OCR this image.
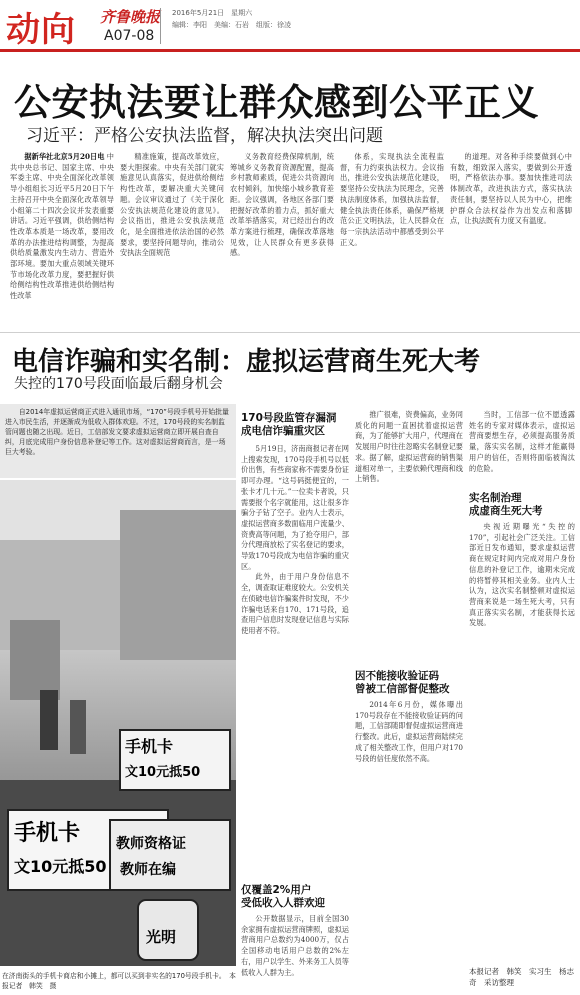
动向 齐鲁晚报
A07-08
2016年5月21日　星期六
编辑：李阳　美编：石岩　组版：徐凌
公安执法要让群众感到公平正义
习近平：严格公安执法监督，解决执法突出问题
据新华社北京5月20日电 中共中央总书记、国家主席、中央军委主席、中央全面深化改革领导小组组长习近平5月20日下午主持召开中央全面深化改革领导小组第二十四次会议并发表重要讲话。习近平强调，供给侧结构性改革本质是一场改革，要用改革的办法推进结构调整，为提高供给质量激发内生动力、营造外部环境。要加大重点领域关键环节市场化改革力度，要把握好供给侧结构性改革推进供给侧结构性改革
精准施策，提高改革效应，要大胆探索。中央有关部门就实施意见认真落实，促进供给侧结构性改革，要解决重大关键问题。会议审议通过了《关于深化公安执法规范化建设的意见》。会议指出，推进公安执法规范化，是全面推进依法治国的必然要求，要坚持问题导向，推动公安执法全面规范
义务教育经费保障机制，统筹城乡义务教育资源配置，提高乡村教师素质，促进公共资源向农村倾斜，加快缩小城乡教育差距。会议强调，各地区各部门要把握好改革的着力点，抓好重大改革举措落实，对已经出台的改革方案进行梳理，确保改革落地见效，让人民群众有更多获得感。
体系，实现执法全流程监督，有力约束执法权力。会议指出，推进公安执法规范化建设，要坚持公安执法为民理念，完善执法制度体系，加强执法监督，健全执法责任体系，确保严格规范公正文明执法，让人民群众在每一宗执法活动中都感受到公平正义。
的道理。对各种手续要做到心中有数，细致深入落实，要做到公开透明，严格依法办事。要加快推进司法体制改革，改进执法方式，落实执法责任制，要坚持以人民为中心，把维护群众合法权益作为出发点和落脚点，让执法既有力度又有温度。
电信诈骗和实名制：虚拟运营商生死大考
失控的170号段面临最后翻身机会
自2014年虚拟运营商正式进入通讯市场，“170”号段手机号开始批量进入市民生活，并逐渐成为低收入群体欢迎。不过，170号段的实名制监管问题也随之出现。近日，工信部发文要求虚拟运营商立即开展自查自纠，月底完成用户身份信息补登记等工作。这对虚拟运营商而言，是一场巨大考验。
手机卡
文10元抵50
手机卡
文10元抵50
教师资格证
教师在编
光明
在济南街头的手机卡商店和小摊上，都可以买到非实名的170号段手机卡。　本报记者　韩笑　摄
170号段监管存漏洞
成电信诈骗重灾区
5月19日，济南商报记者在网上搜索发现，170号段手机号以低价出售，有些商家称不需要身份证即可办理。“这号码挺便宜的，一张卡才几十元。”一位卖卡者说，只需要报个名字就能用，这让很多诈骗分子钻了空子。业内人士表示，虚拟运营商多数面临用户流量少、资费高等问题，为了抢夺用户，部分代理商放松了实名登记的要求，导致170号段成为电信诈骗的重灾区。
此外，由于用户身份信息不全，调查取证难度较大。公安机关在侦破电信诈骗案件时发现，不少诈骗电话来自170、171号段，追查用户信息时发现登记信息与实际使用者不符。
仅覆盖2%用户
受低收入人群欢迎
公开数据显示，目前全国30余家拥有虚拟运营商牌照，虚拟运营商用户总数约为4000万，仅占全国移动电话用户总数的2%左右，用户以学生、外来务工人员等低收入人群为主。
推广很难，资费偏高，业务同质化的问题一直困扰着虚拟运营商，为了能够扩大用户，代理商在发展用户时往往忽略实名制登记要求。据了解，虚拟运营商的销售渠道相对单一，主要依赖代理商和线上销售。
因不能接收验证码
曾被工信部督促整改
2014年6月份，媒体曝出170号段存在不能接收验证码的问题，工信部随即督促虚拟运营商进行整改。此后，虚拟运营商陆续完成了相关整改工作，但用户对170号段的信任度依然不高。
当时，工信部一位不愿透露姓名的专家对媒体表示，虚拟运营商要想生存，必须提高服务质量，落实实名制，这样才能赢得用户的信任，否则将面临被淘汰的危险。
实名制治理
成虚商生死大考
央视近期曝光“失控的170”，引起社会广泛关注。工信部近日发布通知，要求虚拟运营商在规定时间内完成对用户身份信息的补登记工作，逾期未完成的将暂停其相关业务。业内人士认为，这次实名制整顿对虚拟运营商来说是一场生死大考，只有真正落实实名制，才能获得长远发展。
本报记者　韩笑　实习生　杨志奇　采访整理
